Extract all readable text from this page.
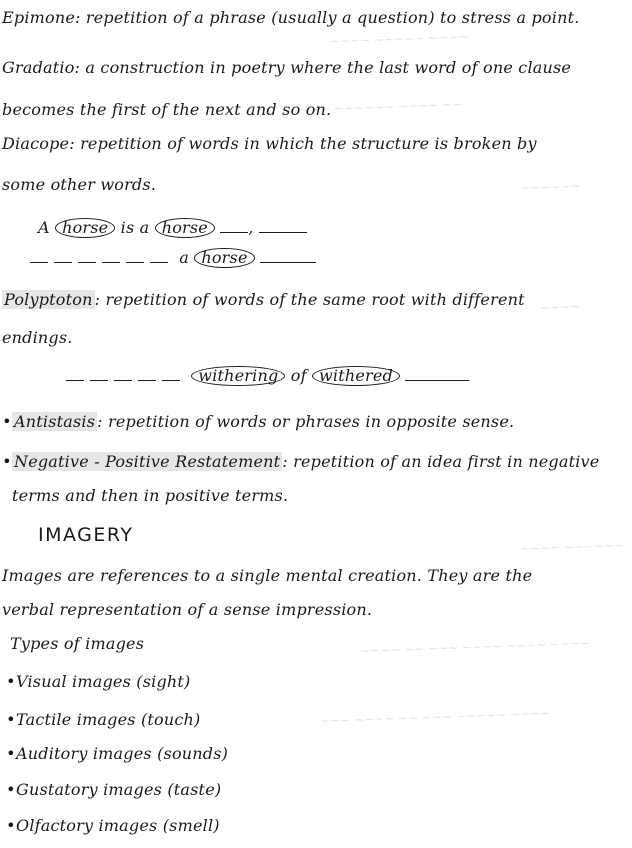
~~~~ ~~~~~ ~~~~
~~~ ~~~~~~ ~~~~ ~~
~~~~~~
~~~~
~~~~ ~~~~~~
~~~~ ~~ ~~~ ~~~~ ~~~~ ~~~~
~~~ ~~~~ ~~ ~~~ ~~~~~ ~~~~
Epimone: repetition of a phrase (usually a question) to stress a point.
Gradatio: a construction in poetry where the last word of one clause
becomes the first of the next and so on.
Diacope: repetition of words in which the structure is broken by
some other words.
A horse is a horse	,
a horse
Polyptoton : repetition of words of the same root with different
endings.
withering of withered
• Antistasis : repetition of words or phrases in opposite sense.
• Negative - Positive Restatement : repetition of an idea first in negative
terms and then in positive terms.
IMAGERY
Images are references to a single mental creation. They are the
verbal representation of a sense impression.
Types of images
•Visual images (sight)
•Tactile images (touch)
•Auditory images (sounds)
•Gustatory images (taste)
•Olfactory images (smell)
